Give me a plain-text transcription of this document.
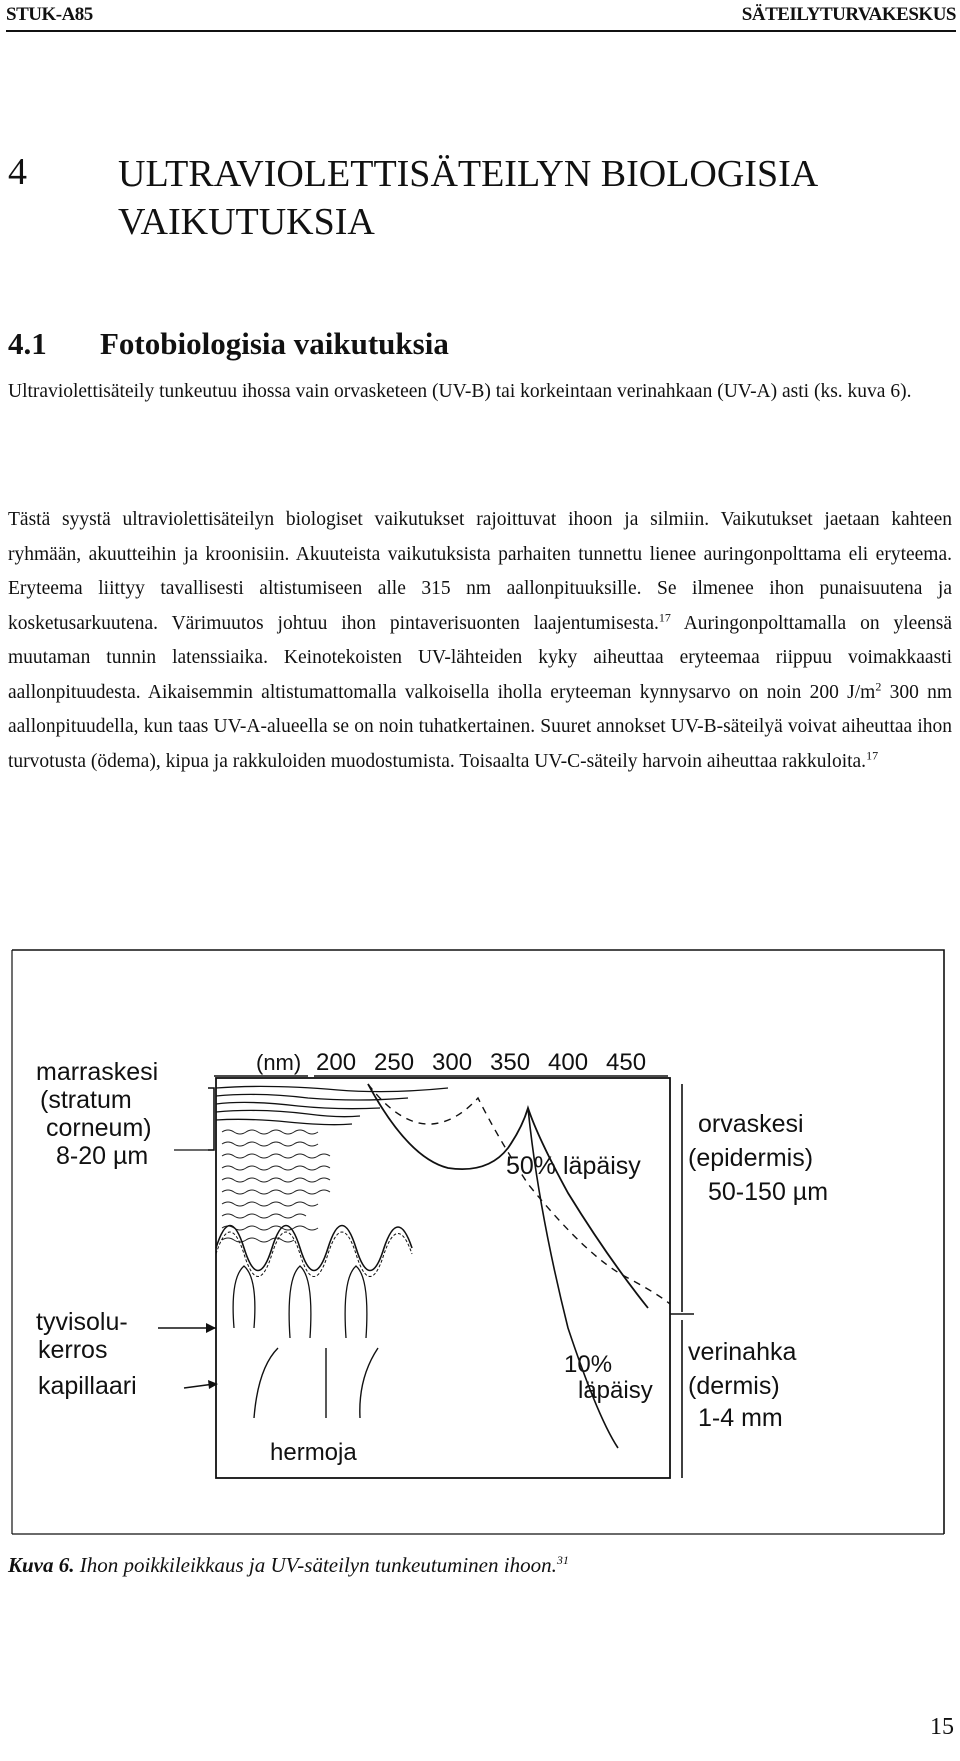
STUK-A85	SÄTEILYTURVAKESKUS
4 ULTRAVIOLETTISÄTEILYN BIOLOGISIA VAIKUTUKSIA
4.1 Fotobiologisia vaikutuksia

Ultraviolettisäteily tunkeutuu ihossa vain orvasketeen (UV-B) tai korkeintaan verinahkaan (UV-A) asti (ks. kuva 6).

Tästä syystä ultraviolettisäteilyn biologiset vaikutukset rajoittuvat ihoon ja silmiin. Vaikutukset jaetaan kahteen ryhmään, akuutteihin ja kroonisiin. Akuuteista vaikutuksista parhaiten tunnettu lienee auringonpolttama eli eryteema. Eryteema liittyy tavallisesti altistumiseen alle 315 nm aallonpituuksille. Se ilmenee ihon punaisuutena ja kosketusarkuutena. Värimuutos johtuu ihon pintaverisuonten laajentumisesta.$^{17}$ Auringonpolttamalla on yleensä muutaman tunnin latenssiaika. Keinotekoisten UV-lähteiden kyky aiheuttaa eryteemaa riippuu voimakkaasti aallonpituudesta. Aikaisemmin altistumattomalla valkoisella iholla eryteeman kynnysarvo on noin 200 $J/m^2$ 300 nm aallonpituudella, kun taas UV-A-alueella se on noin tuhatkertainen. Suuret annokset UV-B-säteilyä voivat aiheuttaa ihon turvotusta (ödema), kipua ja rakkuloiden muodostumista. Toisaalta UV-C-säteily harvoin aiheuttaa rakkuloita.$^{17}$

(nm) 200 250 300 350 400 450
50% läpäisy
10%
läpäisy
hermoja
marraskesi
(stratum
corneum)
8-20 µm
tyvisolu-
kerros
kapillaari
orvaskesi
(epidermis)
50-150 µm
verinahka
(dermis)
1-4 mm
Kuva 6. Ihon poikkileikkaus ja UV-säteilyn tunkeutuminen ihoon.$^{31}$
15
